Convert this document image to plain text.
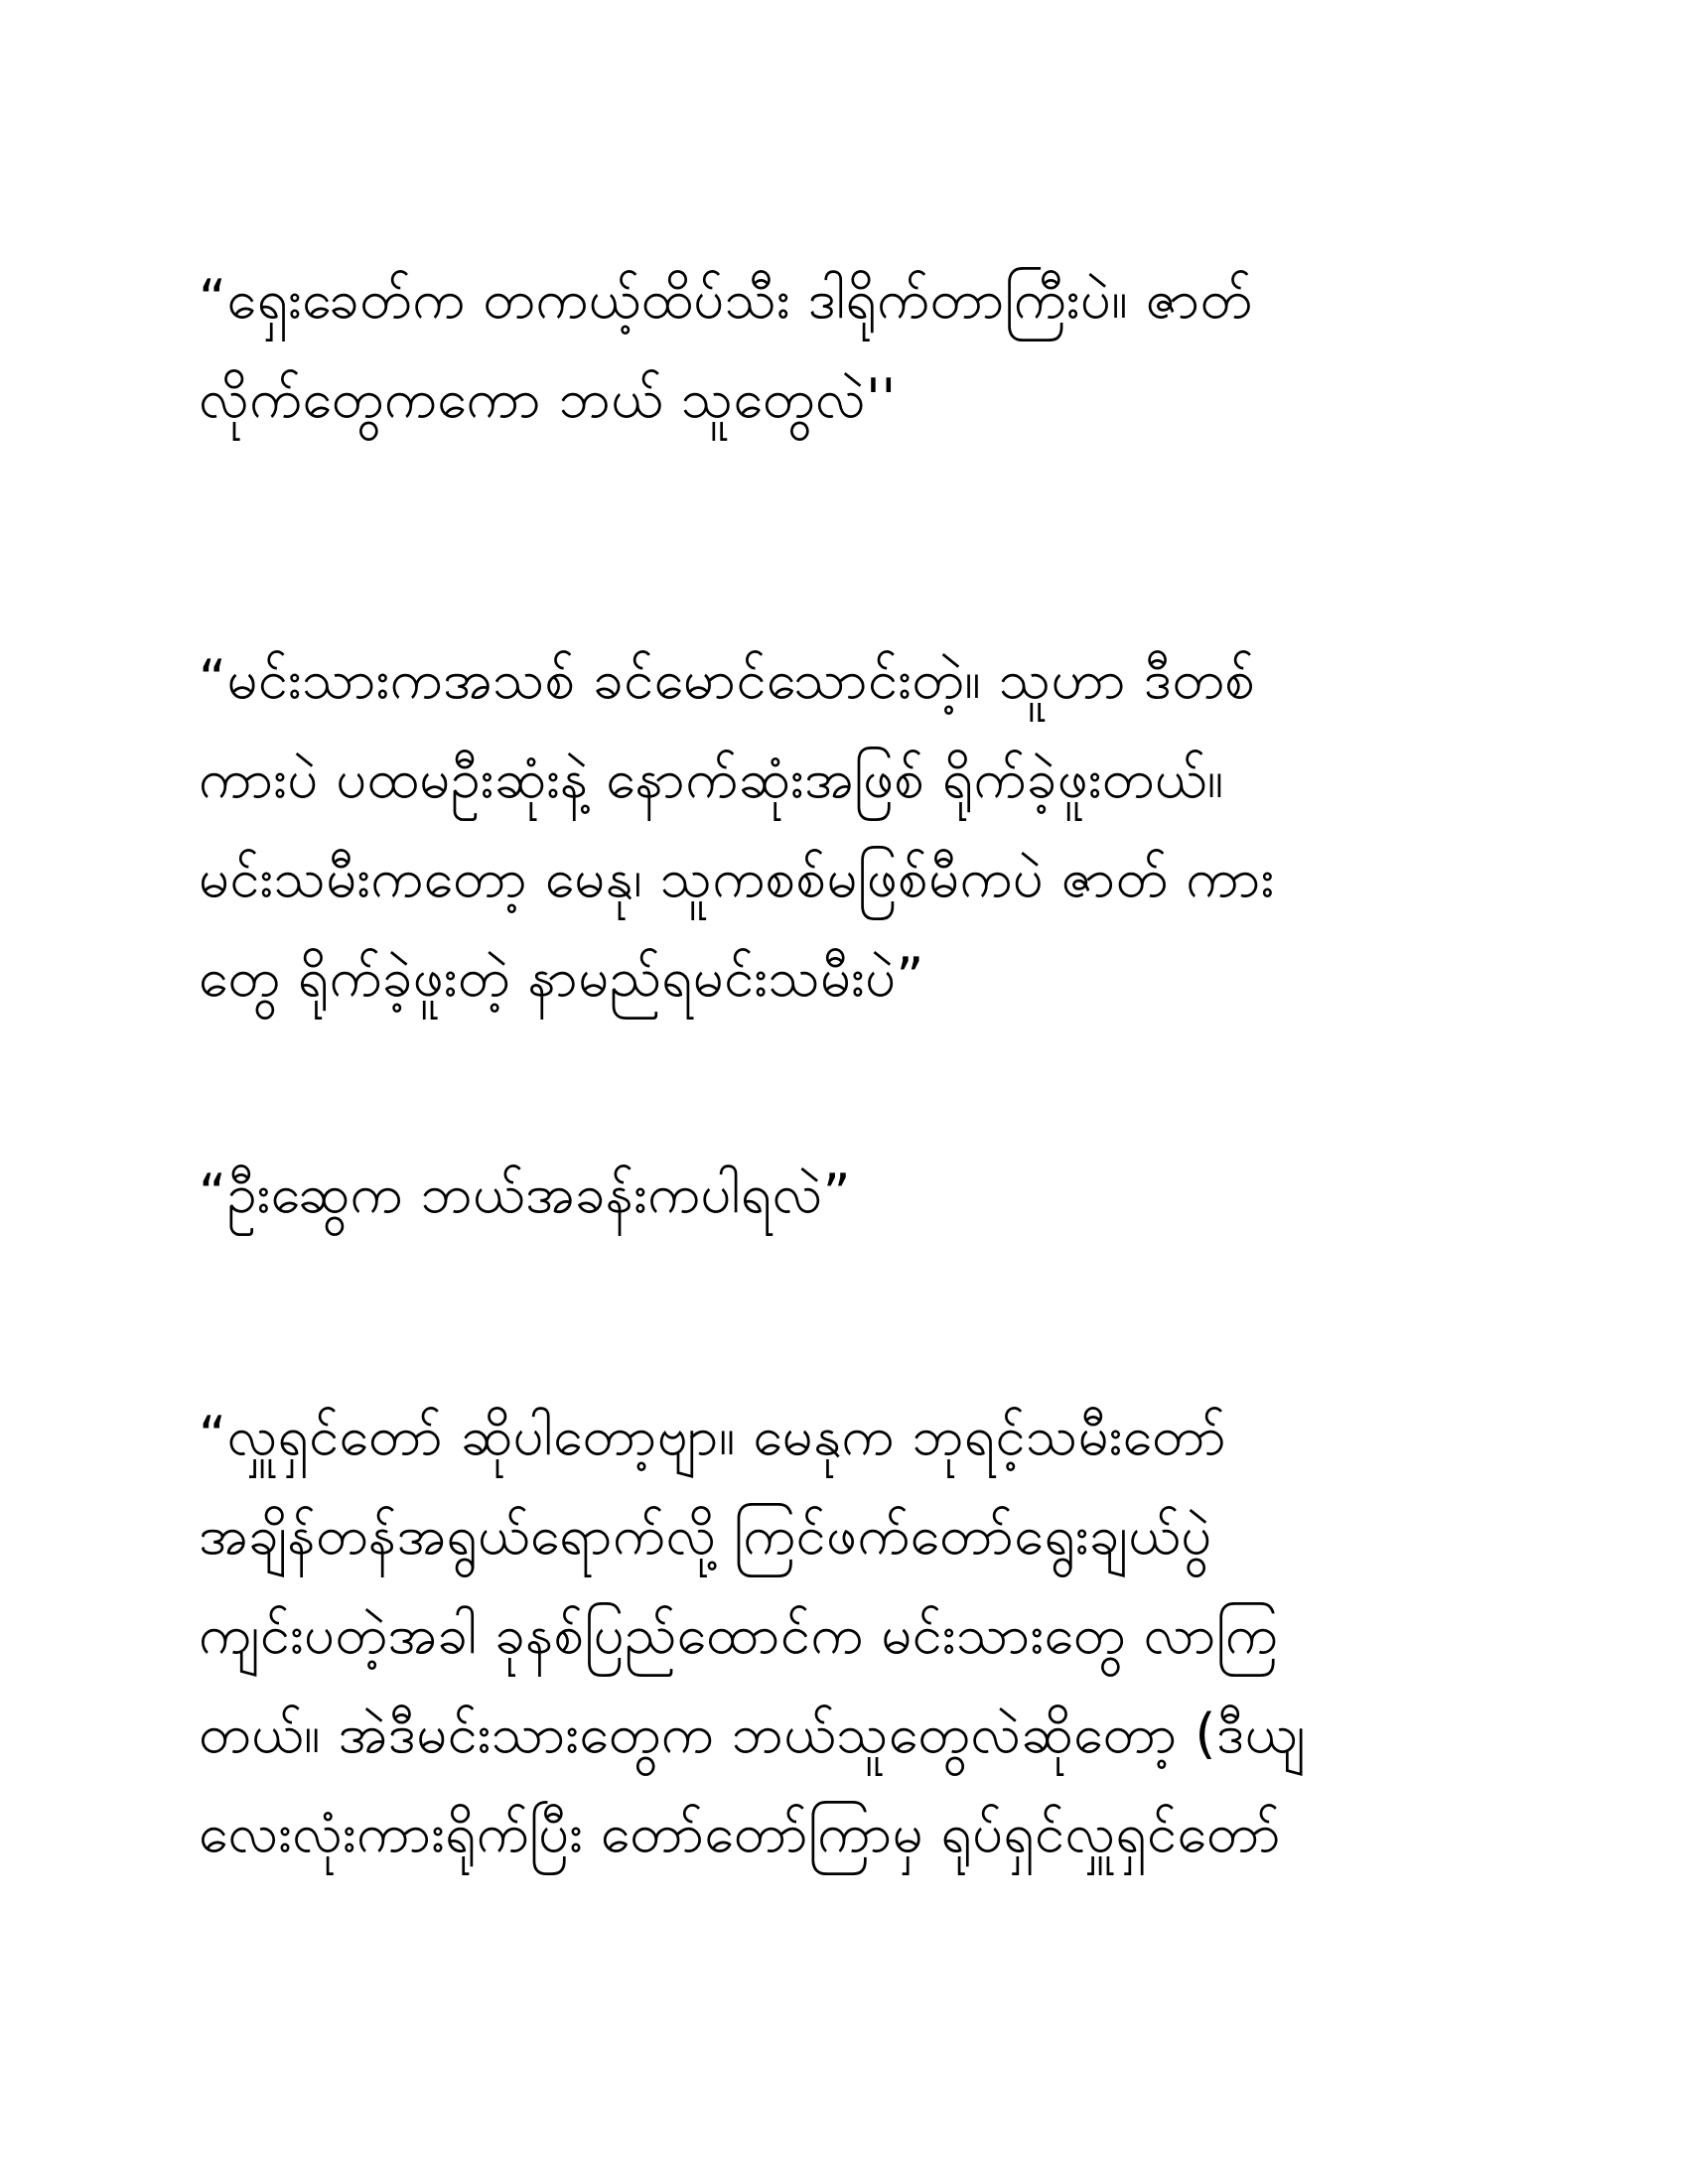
“ရှေးခေတ်က တကယ့်ထိပ်သီး ဒါရိုက်တာကြီးပဲ။ ဇာတ်
လိုက်တွေကကော ဘယ် သူတွေလဲ''
“မင်းသားကအသစ် ခင်မောင်သောင်းတဲ့။ သူဟာ ဒီတစ်
ကားပဲ ပထမဦးဆုံးနဲ့ နောက်ဆုံးအဖြစ် ရိုက်ခဲ့ဖူးတယ်။
မင်းသမီးကတော့ မေနု၊ သူကစစ်မဖြစ်မီကပဲ ဇာတ် ကား
တွေ ရိုက်ခဲ့ဖူးတဲ့ နာမည်ရမင်းသမီးပဲ”
“ဦးဆွေက ဘယ်အခန်းကပါရလဲ”
“လှူရှင်တော် ဆိုပါတော့ဗျာ။ မေနုက ဘုရင့်သမီးတော်
အချိန်တန်အရွယ်ရောက်လို့ ကြင်ဖက်တော်ရွေးချယ်ပွဲ
ကျင်းပတဲ့အခါ ခုနစ်ပြည်ထောင်က မင်းသားတွေ လာကြ
တယ်။ အဲဒီမင်းသားတွေက ဘယ်သူတွေလဲဆိုတော့ (ဒီယျ
လေးလုံးကားရိုက်ပြီး တော်တော်ကြာမှ ရုပ်ရှင်လှူရှင်တော်
